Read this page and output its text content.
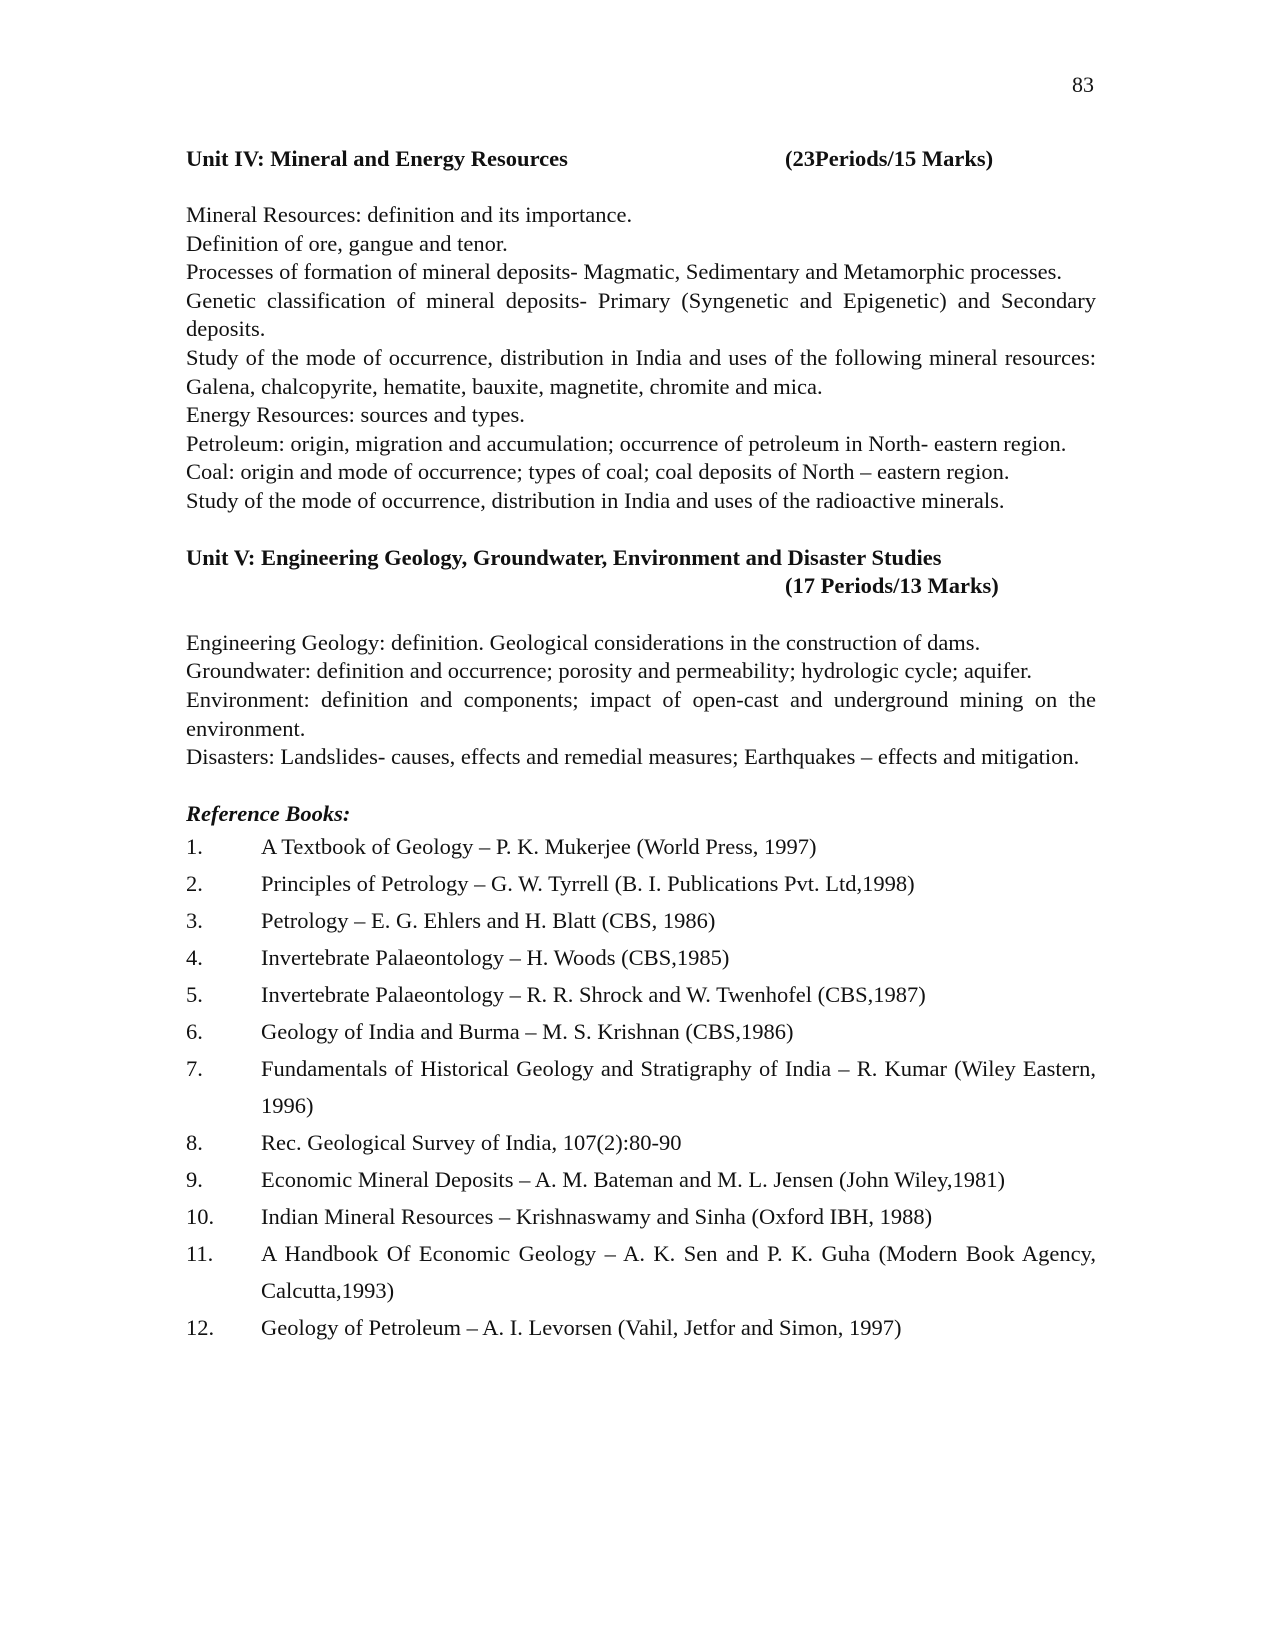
83
Unit IV: Mineral and Energy Resources	(23Periods/15 Marks)
Mineral Resources: definition and its importance.
Definition of ore, gangue and tenor.
Processes of formation of mineral deposits- Magmatic, Sedimentary and Metamorphic processes.
Genetic classification of mineral deposits- Primary (Syngenetic and Epigenetic) and Secondary deposits.
Study of the mode of occurrence, distribution in India and uses of the following mineral resources: Galena, chalcopyrite, hematite, bauxite, magnetite, chromite and mica.
Energy Resources: sources and types.
Petroleum: origin, migration and accumulation; occurrence of petroleum in North- eastern region.
Coal: origin and mode of occurrence; types of coal; coal deposits of North – eastern region.
Study of the mode of occurrence, distribution in India and uses of the radioactive minerals.
Unit V: Engineering Geology, Groundwater, Environment and Disaster Studies
(17 Periods/13 Marks)
Engineering Geology: definition. Geological considerations in the construction of dams.
Groundwater: definition and occurrence; porosity and permeability; hydrologic cycle; aquifer.
Environment: definition and components; impact of open-cast and underground mining on the environment.
Disasters: Landslides- causes, effects and remedial measures; Earthquakes – effects and mitigation.
Reference Books:
1.	A Textbook of Geology – P. K. Mukerjee (World Press, 1997)
2.	Principles of Petrology – G. W. Tyrrell (B. I. Publications Pvt. Ltd,1998)
3.	Petrology – E. G. Ehlers and H. Blatt (CBS, 1986)
4.	Invertebrate Palaeontology – H. Woods (CBS,1985)
5.	Invertebrate Palaeontology – R. R. Shrock and W. Twenhofel (CBS,1987)
6.	Geology of India and Burma – M. S. Krishnan (CBS,1986)
7.	Fundamentals of Historical Geology and Stratigraphy of India – R. Kumar (Wiley Eastern, 1996)
8.	Rec. Geological Survey of India, 107(2):80-90
9.	Economic Mineral Deposits – A. M. Bateman and M. L. Jensen (John Wiley,1981)
10.	Indian Mineral Resources – Krishnaswamy and Sinha (Oxford IBH, 1988)
11.	A Handbook Of Economic Geology – A. K. Sen and P. K. Guha (Modern Book Agency, Calcutta,1993)
12.	Geology of Petroleum – A. I. Levorsen (Vahil, Jetfor and Simon, 1997)
